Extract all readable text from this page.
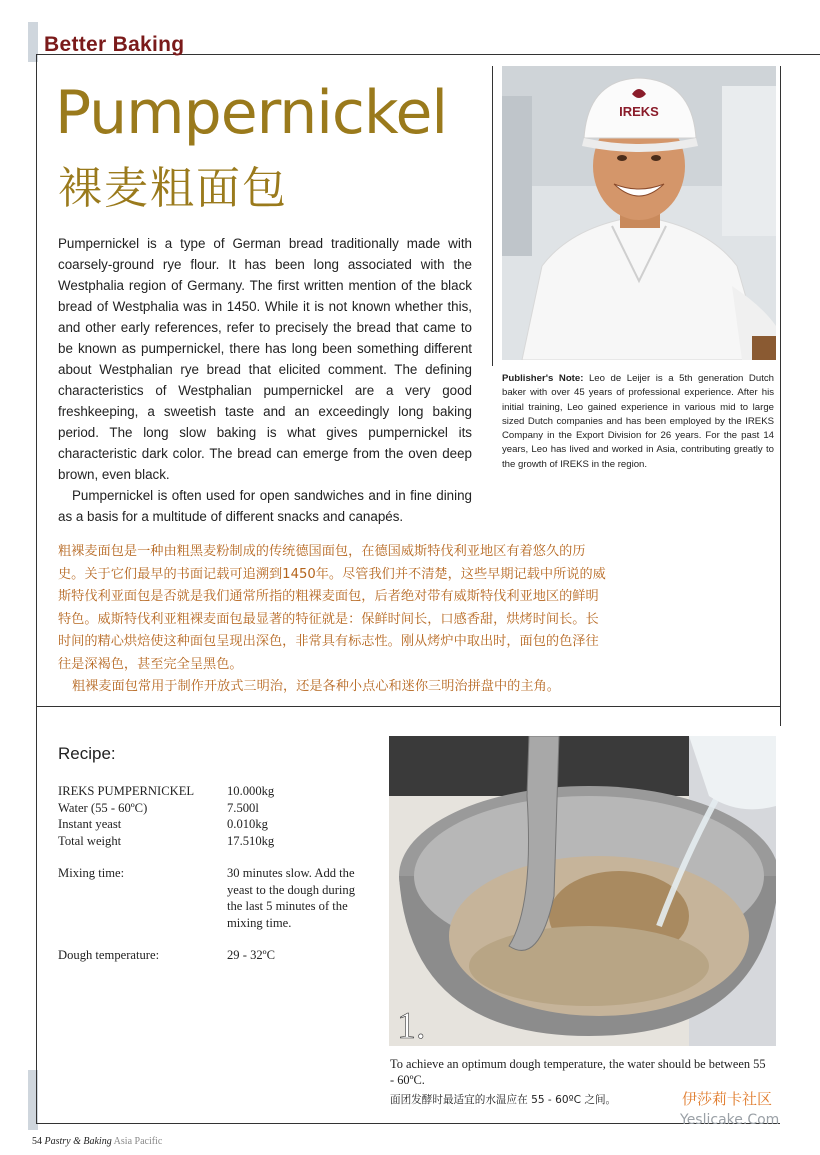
Better Baking
Pumpernickel
裸麦粗面包

Pumpernickel is a type of German bread traditionally made with coarsely-ground rye flour. It has been long associated with the Westphalia region of Germany. The first written mention of the black bread of Westphalia was in 1450. While it is not known whether this, and other early references, refer to precisely the bread that came to be known as pumpernickel, there has long been something different about Westphalian rye bread that elicited comment. The defining characteristics of Westphalian pumpernickel are a very good freshkeeping, a sweetish taste and an exceedingly long baking period. The long slow baking is what gives pumpernickel its characteristic dark color. The bread can emerge from the oven deep brown, even black.

Pumpernickel is often used for open sandwiches and in fine dining as a basis for a multitude of different snacks and canapés.

IREKS
Publisher's Note: Leo de Leijer is a 5th generation Dutch baker with over 45 years of professional experience. After his initial training, Leo gained experience in various mid to large sized Dutch companies and has been employed by the IREKS Company in the Export Division for 26 years. For the past 14 years, Leo has lived and worked in Asia, contributing greatly to the growth of IREKS in the region.

粗裸麦面包是一种由粗黑麦粉制成的传统德国面包，在德国威斯特伐利亚地区有着悠久的历史。关于它们最早的书面记载可追溯到1450年。尽管我们并不清楚，这些早期记载中所说的威斯特伐利亚面包是否就是我们通常所指的粗裸麦面包，后者绝对带有威斯特伐利亚地区的鲜明特色。威斯特伐利亚粗裸麦面包最显著的特征就是：保鲜时间长，口感香甜，烘烤时间长。长时间的精心烘焙使这种面包呈现出深色，非常具有标志性。刚从烤炉中取出时，面包的色泽往往是深褐色，甚至完全呈黑色。

粗裸麦面包常用于制作开放式三明治，还是各种小点心和迷你三明治拼盘中的主角。

Recipe:
IREKS PUMPERNICKEL	10.000kg
Water (55 - 60ºC)	7.500l
Instant yeast	0.010kg
Total weight	17.510kg
Mixing time:	30 minutes slow. Add the yeast to the dough during the last 5 minutes of the mixing time.
Dough temperature:	29 - 32ºC
1.
To achieve an optimum dough temperature, the water should be between 55 - 60ºC.
面团发酵时最适宜的水温应在 55 - 60ºC 之间。	伊莎莉卡社区
Yeslicake.Com
54 Pastry & Baking Asia Pacific
